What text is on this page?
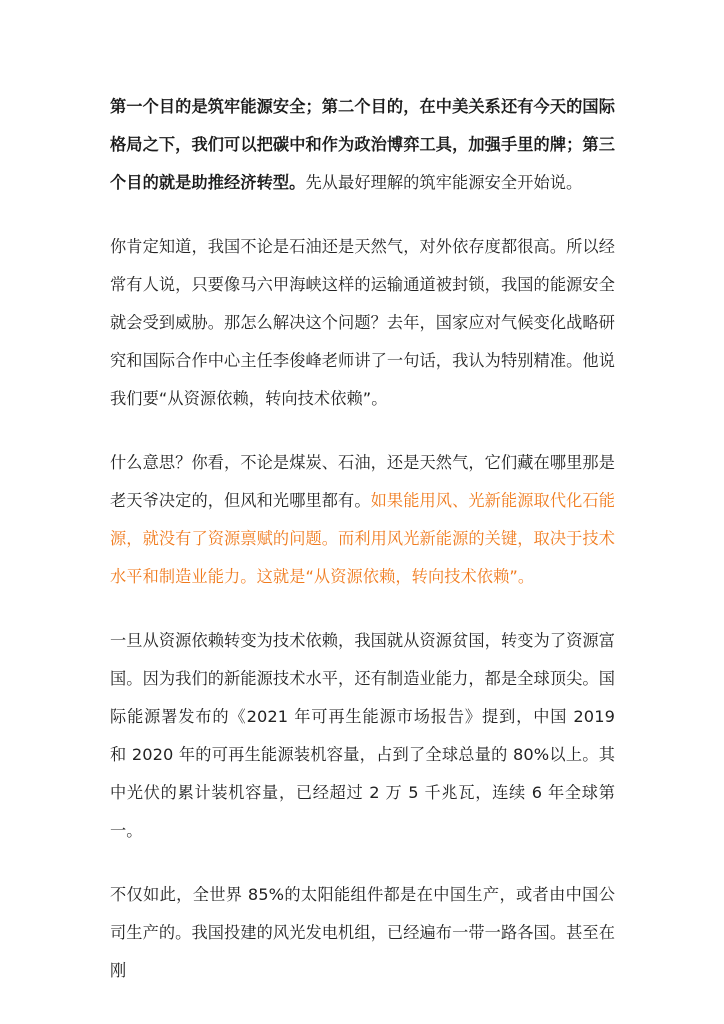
第一个目的是筑牢能源安全；第二个目的，在中美关系还有今天的国际格局之下，我们可以把碳中和作为政治博弈工具，加强手里的牌；第三个目的就是助推经济转型。先从最好理解的筑牢能源安全开始说。

你肯定知道，我国不论是石油还是天然气，对外依存度都很高。所以经常有人说，只要像马六甲海峡这样的运输通道被封锁，我国的能源安全就会受到威胁。那怎么解决这个问题？去年，国家应对气候变化战略研究和国际合作中心主任李俊峰老师讲了一句话，我认为特别精准。他说我们要“从资源依赖，转向技术依赖”。

什么意思？你看，不论是煤炭、石油，还是天然气，它们藏在哪里那是老天爷决定的，但风和光哪里都有。如果能用风、光新能源取代化石能源，就没有了资源禀赋的问题。而利用风光新能源的关键，取决于技术水平和制造业能力。这就是“从资源依赖，转向技术依赖”。

一旦从资源依赖转变为技术依赖，我国就从资源贫国，转变为了资源富国。因为我们的新能源技术水平，还有制造业能力，都是全球顶尖。国际能源署发布的《2021 年可再生能源市场报告》提到，中国 2019 和 2020 年的可再生能源装机容量，占到了全球总量的 80%以上。其中光伏的累计装机容量，已经超过 2 万 5 千兆瓦，连续 6 年全球第一。

不仅如此，全世界 85%的太阳能组件都是在中国生产，或者由中国公司生产的。我国投建的风光发电机组，已经遍布一带一路各国。甚至在刚
